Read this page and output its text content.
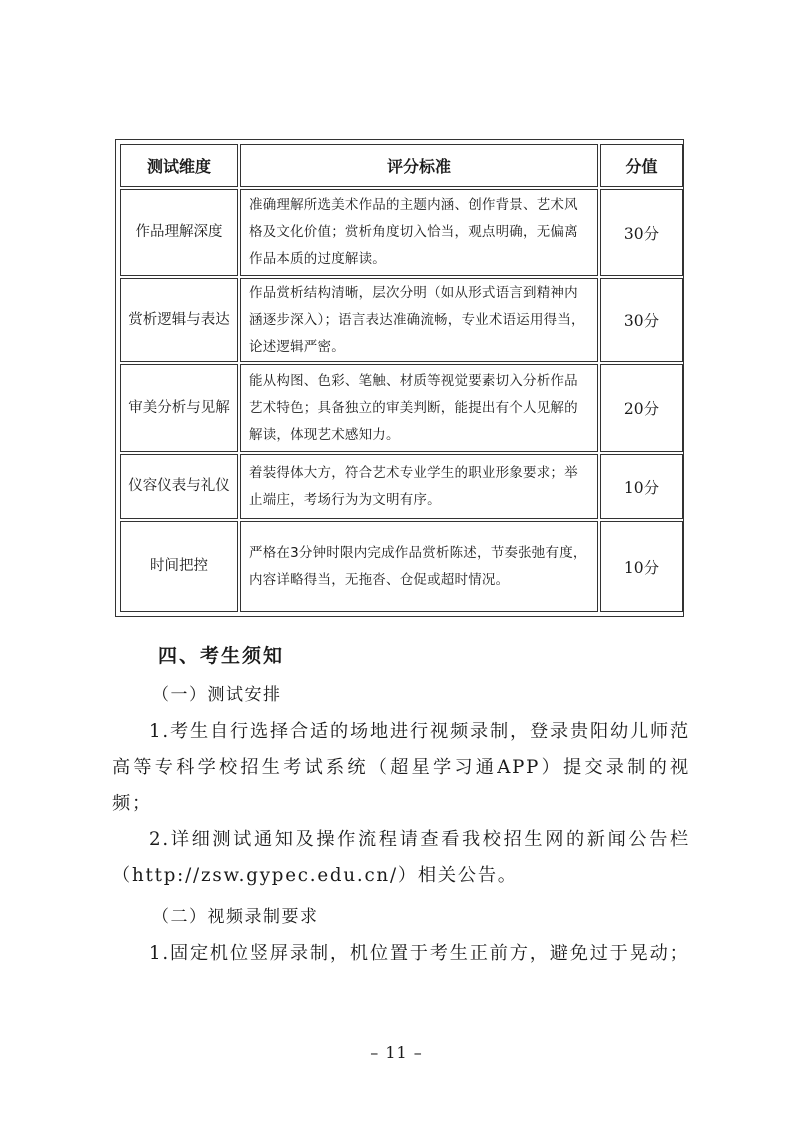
测试维度	评分标准	分值
作品理解深度	准确理解所选美术作品的主题内涵、创作背景、艺术风格及文化价值；赏析角度切入恰当，观点明确，无偏离作品本质的过度解读。	30分
赏析逻辑与表达	作品赏析结构清晰，层次分明（如从形式语言到精神内涵逐步深入）；语言表达准确流畅，专业术语运用得当，论述逻辑严密。	30分
审美分析与见解	能从构图、色彩、笔触、材质等视觉要素切入分析作品艺术特色；具备独立的审美判断，能提出有个人见解的解读，体现艺术感知力。	20分
仪容仪表与礼仪	着装得体大方，符合艺术专业学生的职业形象要求；举止端庄，考场行为为文明有序。	10分
时间把控	严格在3分钟时限内完成作品赏析陈述，节奏张弛有度，内容详略得当，无拖沓、仓促或超时情况。	10分
四、考生须知

（一）测试安排

1.考生自行选择合适的场地进行视频录制，登录贵阳幼儿师范高等专科学校招生考试系统（超星学习通APP）提交录制的视频；

2.详细测试通知及操作流程请查看我校招生网的新闻公告栏（http://zsw.gypec.edu.cn/）相关公告。

（二）视频录制要求

1.固定机位竖屏录制，机位置于考生正前方，避免过于晃动；

– 11 –
